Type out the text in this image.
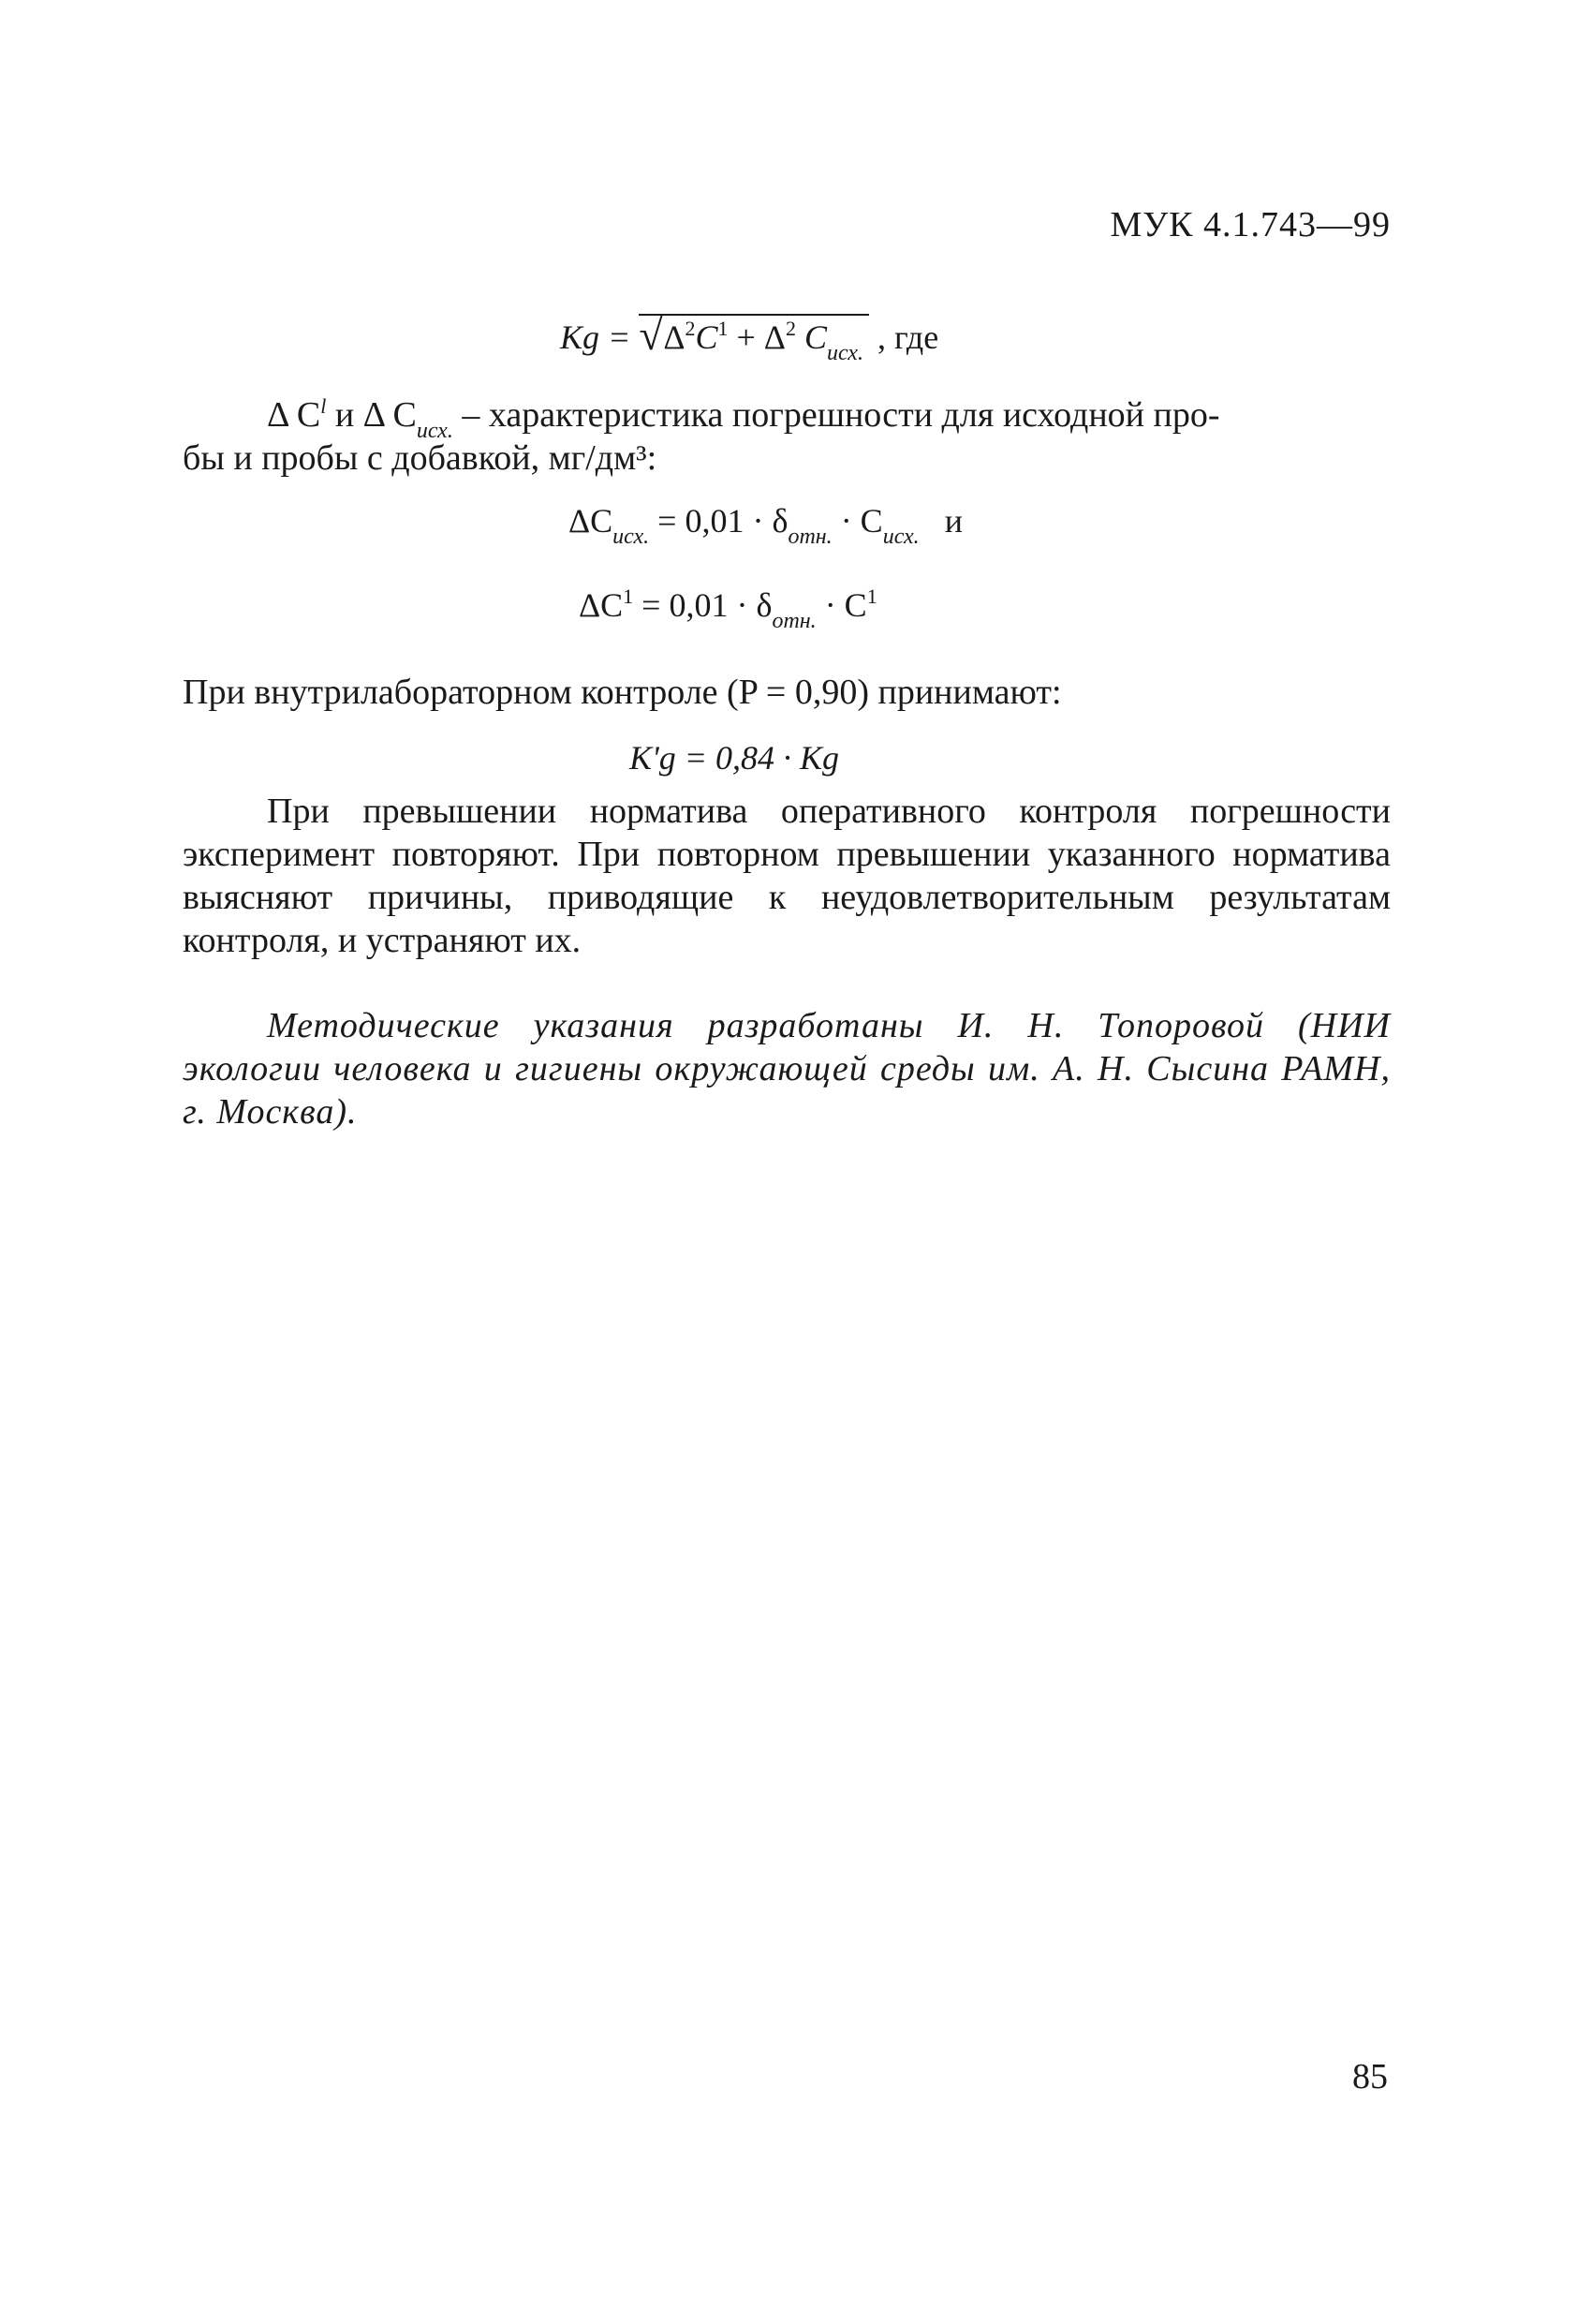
МУК 4.1.743—99
Kg = √ $\Delta^2C^1 + \Delta^2$ $C_{исх.}$ , где
Δ $C^l$ и Δ $C_{исх.}$ – характеристика погрешности для исходной про-

бы и пробы с добавкой, мг/дм³:
$\Delta C_{исх.} = 0,01 \cdot \delta_{отн.} \cdot C_{исх.}$ и
$\Delta C^1 = 0,01 \cdot \delta_{отн.} \cdot C^1$
При внутрилабораторном контроле (P = 0,90) принимают:
K'g = 0,84 · Kg
При превышении норматива оперативного контроля погрешности эксперимент повторяют. При повторном превышении указанного норматива выясняют причины, приводящие к неудовлетворительным результатам контроля, и устраняют их.
Методические указания разработаны И. Н. Топоровой (НИИ экологии человека и гигиены окружающей среды им. А. Н. Сысина РАМН, г. Москва).
85
